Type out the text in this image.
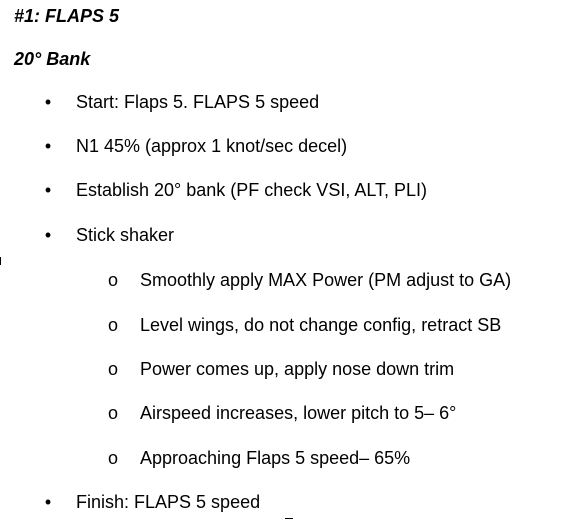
#1: FLAPS 5
20° Bank
• Start: Flaps 5. FLAPS 5 speed
• N1 45% (approx 1 knot/sec decel)
• Establish 20° bank (PF check VSI, ALT, PLI)
• Stick shaker
o Smoothly apply MAX Power (PM adjust to GA)
o Level wings, do not change config, retract SB
o Power comes up, apply nose down trim
o Airspeed increases, lower pitch to 5– 6°
o Approaching Flaps 5 speed– 65%
• Finish: FLAPS 5 speed
